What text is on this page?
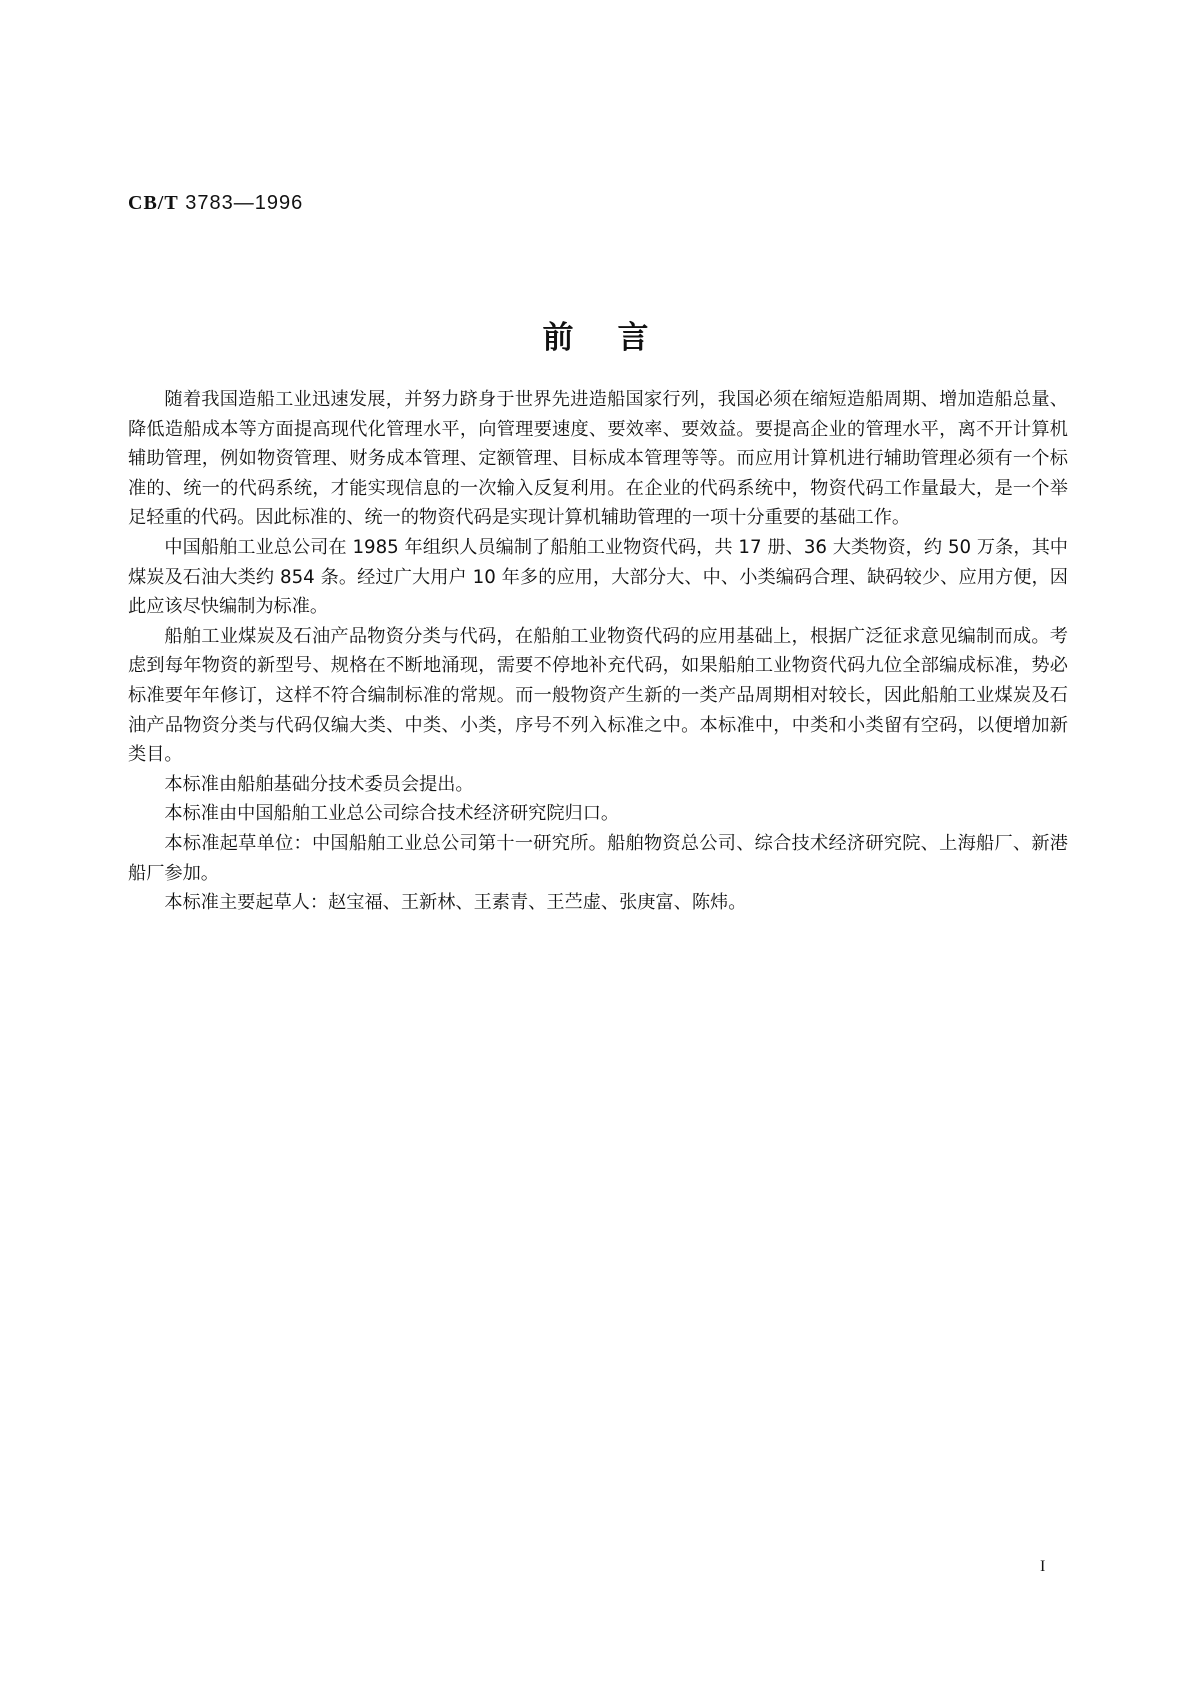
CB/T 3783—1996
前言

随着我国造船工业迅速发展，并努力跻身于世界先进造船国家行列，我国必须在缩短造船周期、增加造船总量、降低造船成本等方面提高现代化管理水平，向管理要速度、要效率、要效益。要提高企业的管理水平，离不开计算机辅助管理，例如物资管理、财务成本管理、定额管理、目标成本管理等等。而应用计算机进行辅助管理必须有一个标准的、统一的代码系统，才能实现信息的一次输入反复利用。在企业的代码系统中，物资代码工作量最大，是一个举足轻重的代码。因此标准的、统一的物资代码是实现计算机辅助管理的一项十分重要的基础工作。

中国船舶工业总公司在 1985 年组织人员编制了船舶工业物资代码，共 17 册、36 大类物资，约 50 万条，其中煤炭及石油大类约 854 条。经过广大用户 10 年多的应用，大部分大、中、小类编码合理、缺码较少、应用方便，因此应该尽快编制为标准。

船舶工业煤炭及石油产品物资分类与代码，在船舶工业物资代码的应用基础上，根据广泛征求意见编制而成。考虑到每年物资的新型号、规格在不断地涌现，需要不停地补充代码，如果船舶工业物资代码九位全部编成标准，势必标准要年年修订，这样不符合编制标准的常规。而一般物资产生新的一类产品周期相对较长，因此船舶工业煤炭及石油产品物资分类与代码仅编大类、中类、小类，序号不列入标准之中。本标准中，中类和小类留有空码，以便增加新类目。

本标准由船舶基础分技术委员会提出。

本标准由中国船舶工业总公司综合技术经济研究院归口。

本标准起草单位：中国船舶工业总公司第十一研究所。船舶物资总公司、综合技术经济研究院、上海船厂、新港船厂参加。

本标准主要起草人：赵宝福、王新林、王素青、王苎虚、张庚富、陈炜。

I
